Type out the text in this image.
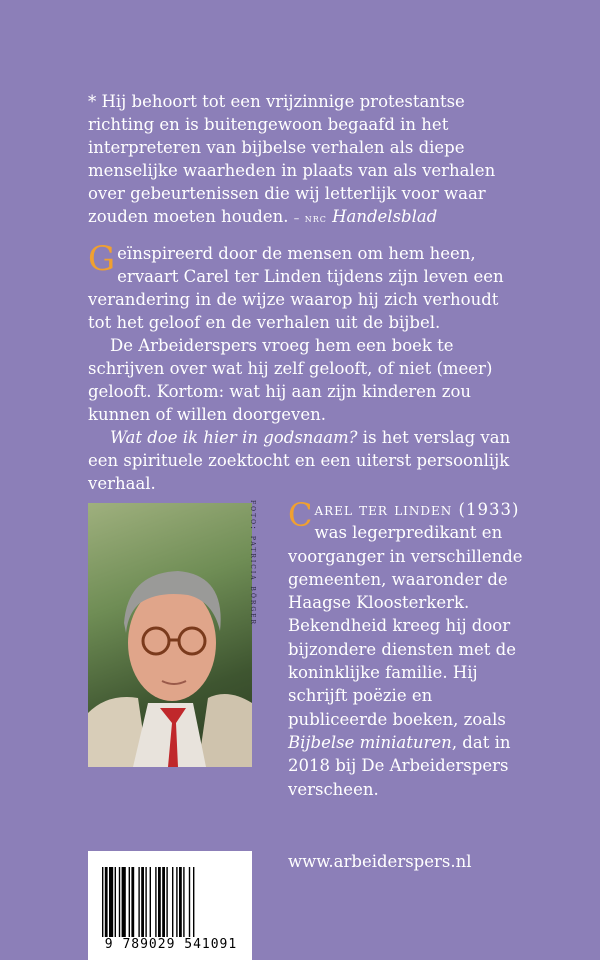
* Hij behoort tot een vrijzinnige protestantse richting en is buitengewoon begaafd in het interpreteren van bijbelse verhalen als diepe menselijke waarheden in plaats van als verhalen over gebeurtenissen die wij letterlijk voor waar zouden moeten houden. – nrc Handelsblad

G eïnspireerd door de mensen om hem heen, ervaart Carel ter Linden tijdens zijn leven een verandering in de wijze waarop hij zich verhoudt tot het geloof en de verhalen uit de bijbel.

De Arbeiderspers vroeg hem een boek te schrijven over wat hij zelf gelooft, of niet (meer) gelooft. Kortom: wat hij aan zijn kinderen zou kunnen of willen doorgeven.

Wat doe ik hier in godsnaam? is het verslag van een spirituele zoektocht en een uiterst persoonlijk verhaal.

foto: patricia börger C arel ter linden (1933) was legerpredikant en voorganger in verschillende gemeenten, waaronder de Haagse Kloosterkerk. Bekendheid kreeg hij door bijzondere diensten met de koninklijke familie. Hij schrijft poëzie en publiceerde boeken, zoals Bijbelse miniaturen, dat in 2018 bij De Arbeiderspers verscheen.

www.arbeiderspers.nl
9 789029 541091
